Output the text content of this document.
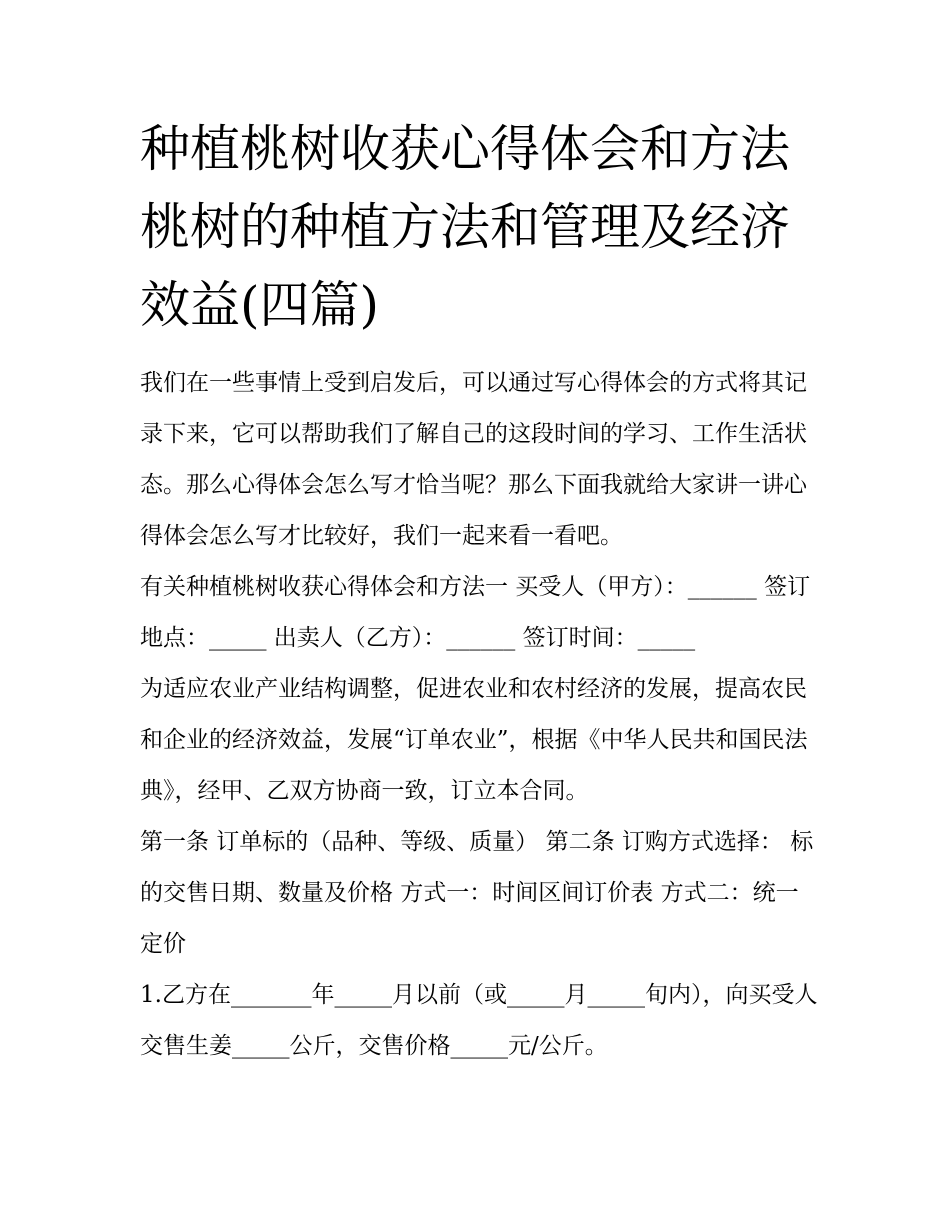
种植桃树收获心得体会和方法桃树的种植方法和管理及经济效益(四篇)

我们在一些事情上受到启发后，可以通过写心得体会的方式将其记录下来，它可以帮助我们了解自己的这段时间的学习、工作生活状态。那么心得体会怎么写才恰当呢？那么下面我就给大家讲一讲心得体会怎么写才比较好，我们一起来看一看吧。

有关种植桃树收获心得体会和方法一 买受人（甲方）：______ 签订地点：_____ 出卖人（乙方）：______ 签订时间：_____

为适应农业产业结构调整，促进农业和农村经济的发展，提高农民和企业的经济效益，发展“订单农业”，根据《中华人民共和国民法典》，经甲、乙双方协商一致，订立本合同。

第一条 订单标的（品种、等级、质量） 第二条 订购方式选择： 标的交售日期、数量及价格 方式一：时间区间订价表 方式二：统一定价

1.乙方在_______年_____月以前（或_____月_____旬内），向买受人交售生姜_____公斤，交售价格_____元/公斤。
